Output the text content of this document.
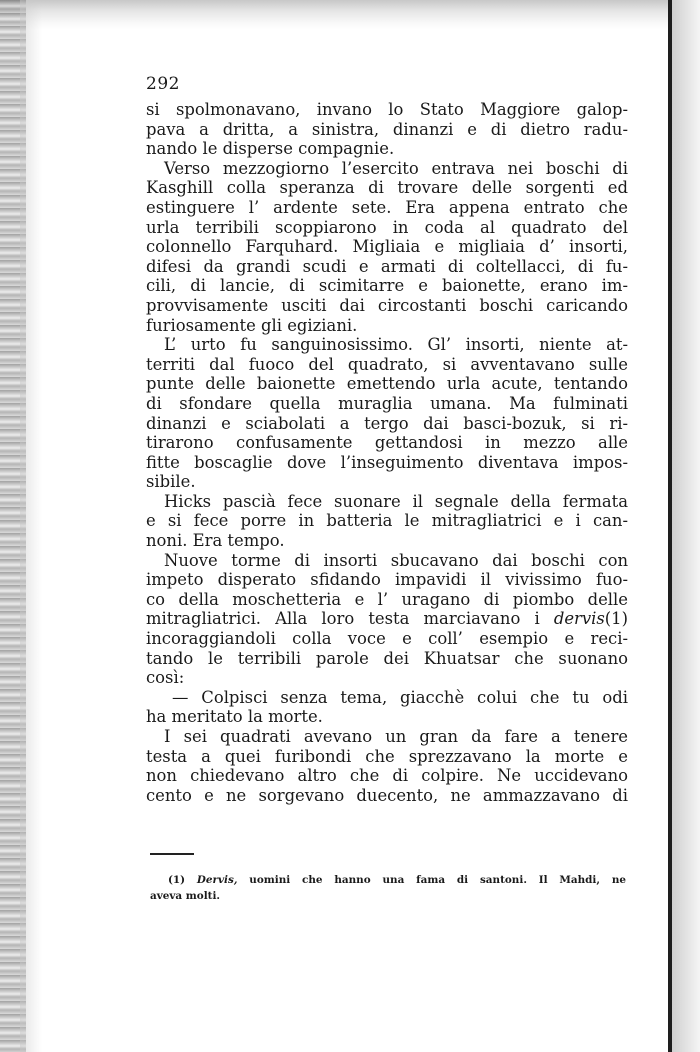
292
si spolmonavano, invano lo Stato Maggiore galop-
pava a dritta, a sinistra, dinanzi e di dietro radu-
nando le disperse compagnie.
Verso mezzogiorno l’esercito entrava nei boschi di
Kasghill colla speranza di trovare delle sorgenti ed
estinguere l’ ardente sete. Era appena entrato che
urla terribili scoppiarono in coda al quadrato del
colonnello Farquhard. Migliaia e migliaia d’ insorti,
difesi da grandi scudi e armati di coltellacci, di fu-
cili, di lancie, di scimitarre e baionette, erano im-
provvisamente usciti dai circostanti boschi caricando
furiosamente gli egiziani.
L’ urto fu sanguinosissimo. Gl’ insorti, niente at-
territi dal fuoco del quadrato, si avventavano sulle
punte delle baionette emettendo urla acute, tentando
di sfondare quella muraglia umana. Ma fulminati
dinanzi e sciabolati a tergo dai basci-bozuk, si ri-
tirarono confusamente gettandosi in mezzo alle
fitte boscaglie dove l’inseguimento diventava impos-
sibile.
Hicks pascià fece suonare il segnale della fermata
e si fece porre in batteria le mitragliatrici e i can-
noni. Era tempo.
Nuove torme di insorti sbucavano dai boschi con
impeto disperato sfidando impavidi il vivissimo fuo-
co della moschetteria e l’ uragano di piombo delle
mitragliatrici. Alla loro testa marciavano i dervis(1)
incoraggiandoli colla voce e coll’ esempio e reci-
tando le terribili parole dei Khuatsar che suonano
così:
— Colpisci senza tema, giacchè colui che tu odi
ha meritato la morte.
I sei quadrati avevano un gran da fare a tenere
testa a quei furibondi che sprezzavano la morte e
non chiedevano altro che di colpire. Ne uccidevano
cento e ne sorgevano duecento, ne ammazzavano di
(1) Dervis, uomini che hanno una fama di santoni. Il Mahdi, ne
aveva molti.
